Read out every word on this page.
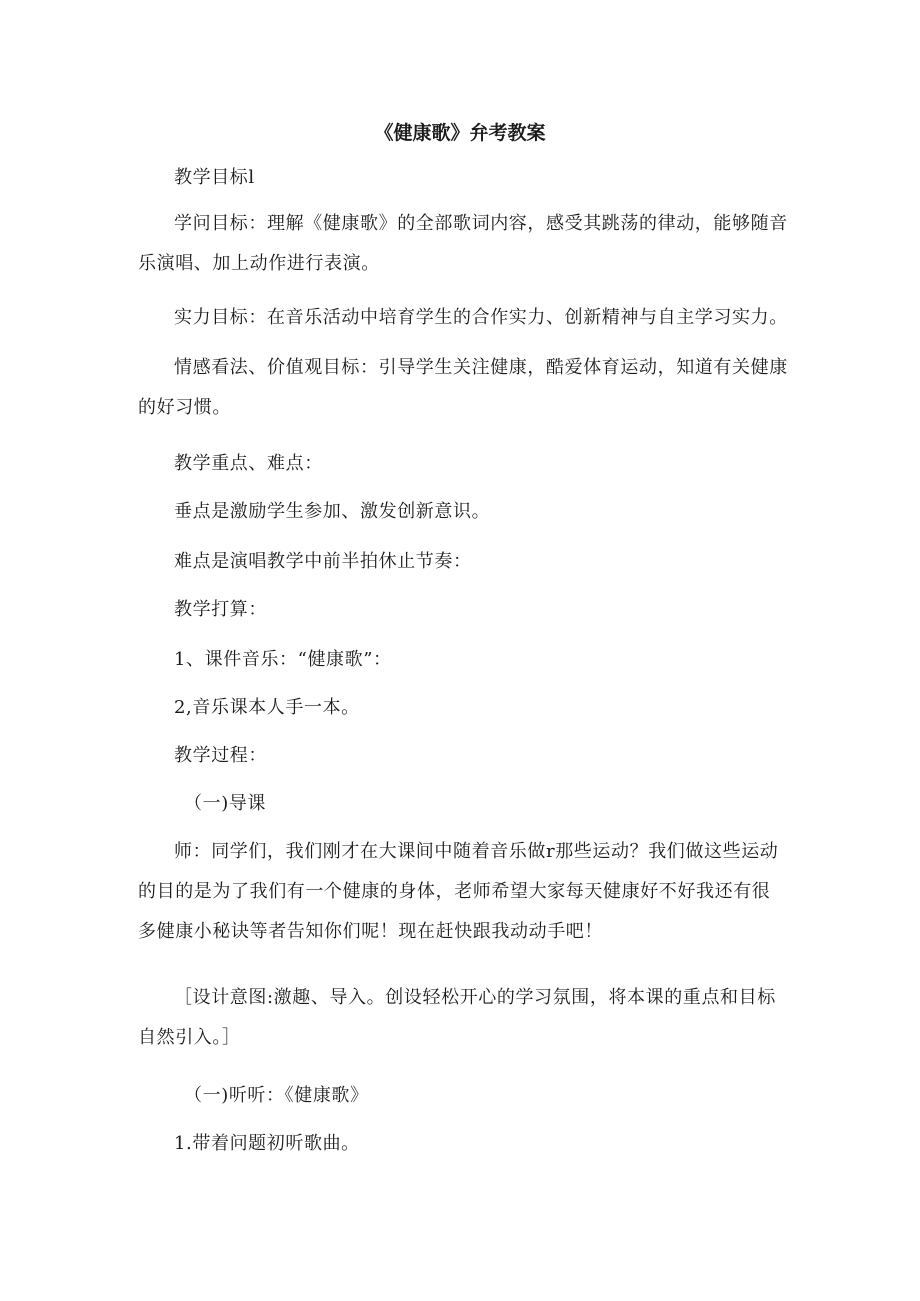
《健康歌》弁考教案

教学目标l

学问目标：理解《健康歌》的全部歌词内容，感受其跳荡的律动，能够随音乐演唱、加上动作进行表演。

实力目标：在音乐活动中培育学生的合作实力、创新精神与自主学习实力。

情感看法、价值观目标：引导学生关注健康，酷爱体育运动，知道有关健康的好习惯。

教学重点、难点：

垂点是激励学生参加、激发创新意识。

难点是演唱教学中前半拍休止节奏：

教学打算：

1、课件音乐：“健康歌”：

2,音乐课本人手一本。

教学过程：

（一)导课

师：同学们，我们刚才在大课间中随着音乐做r那些运动？我们做这些运动的目的是为了我们有一个健康的身体，老师希望大家每天健康好不好我还有很多健康小秘诀等者告知你们呢！现在赶快跟我动动手吧！

［设计意图:激趣、导入。创设轻松开心的学习氛围，将本课的重点和目标自然引入。］

（一)听听：《健康歌》

1.带着问题初听歌曲。
